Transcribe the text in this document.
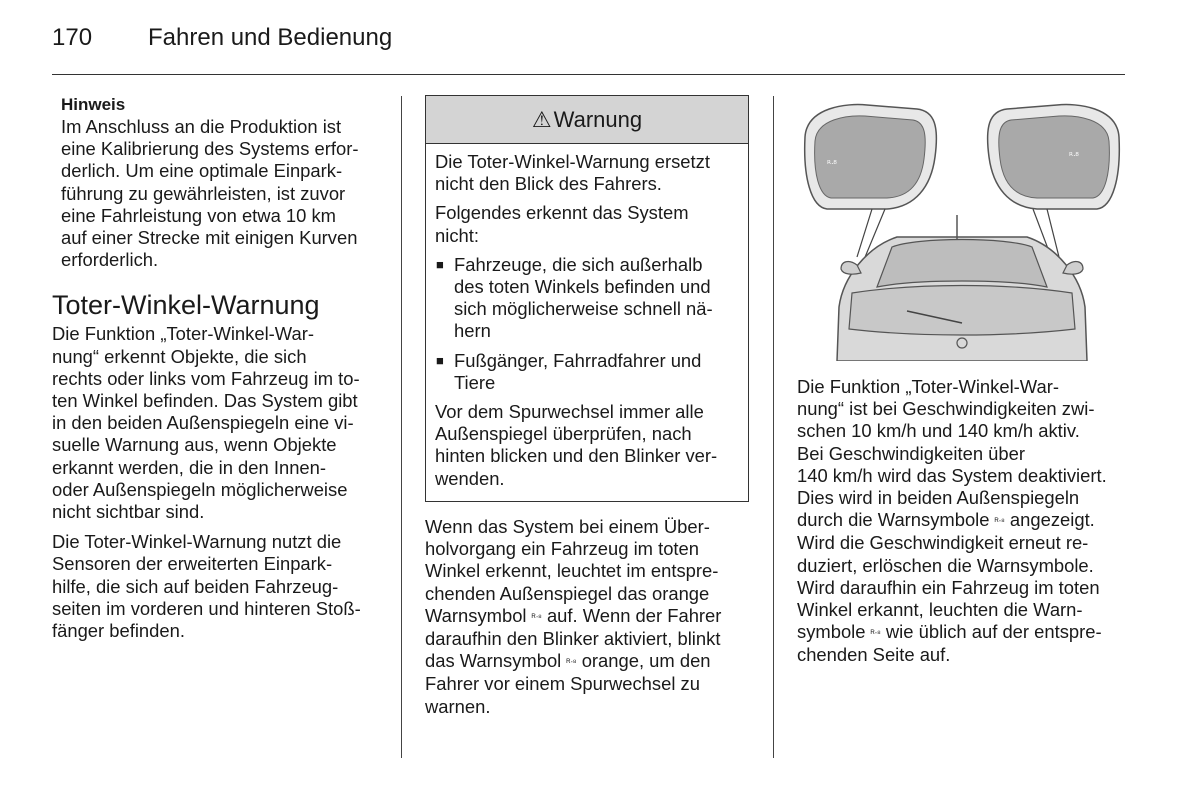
170 Fahren und Bedienung

Hinweis

Im Anschluss an die Produktion ist
eine Kalibrierung des Systems erfor-
derlich. Um eine optimale Einpark-
führung zu gewährleisten, ist zuvor
eine Fahrleistung von etwa 10 km
auf einer Strecke mit einigen Kurven
erforderlich.

Toter-Winkel-Warnung

Die Funktion „Toter-Winkel-War-
nung“ erkennt Objekte, die sich
rechts oder links vom Fahrzeug im to-
ten Winkel befinden. Das System gibt
in den beiden Außenspiegeln eine vi-
suelle Warnung aus, wenn Objekte
erkannt werden, die in den Innen-
oder Außenspiegeln möglicherweise
nicht sichtbar sind.

Die Toter-Winkel-Warnung nutzt die
Sensoren der erweiterten Einpark-
hilfe, die sich auf beiden Fahrzeug-
seiten im vorderen und hinteren Stoß-
fänger befinden.

⚠ Warnung

Die Toter-Winkel-Warnung ersetzt
nicht den Blick des Fahrers.

Folgendes erkennt das System
nicht:

■ Fahrzeuge, die sich außerhalb
des toten Winkels befinden und
sich möglicherweise schnell nä-
hern
■ Fußgänger, Fahrradfahrer und
Tiere

Vor dem Spurwechsel immer alle
Außenspiegel überprüfen, nach
hinten blicken und den Blinker ver-
wenden.

Wenn das System bei einem Über-
holvorgang ein Fahrzeug im toten
Winkel erkennt, leuchtet im entspre-
chenden Außenspiegel das orange
Warnsymbol ᴿᐧ⁸ auf. Wenn der Fahrer
daraufhin den Blinker aktiviert, blinkt
das Warnsymbol ᴿᐧ⁸ orange, um den
Fahrer vor einem Spurwechsel zu
warnen.

ᴿᐧ⁸
ᴿᐧ⁸

Die Funktion „Toter-Winkel-War-
nung“ ist bei Geschwindigkeiten zwi-
schen 10 km/h und 140 km/h aktiv.
Bei Geschwindigkeiten über
140 km/h wird das System deaktiviert.
Dies wird in beiden Außenspiegeln
durch die Warnsymbole ᴿᐧ⁸ angezeigt.
Wird die Geschwindigkeit erneut re-
duziert, erlöschen die Warnsymbole.
Wird daraufhin ein Fahrzeug im toten
Winkel erkannt, leuchten die Warn-
symbole ᴿᐧ⁸ wie üblich auf der entspre-
chenden Seite auf.
